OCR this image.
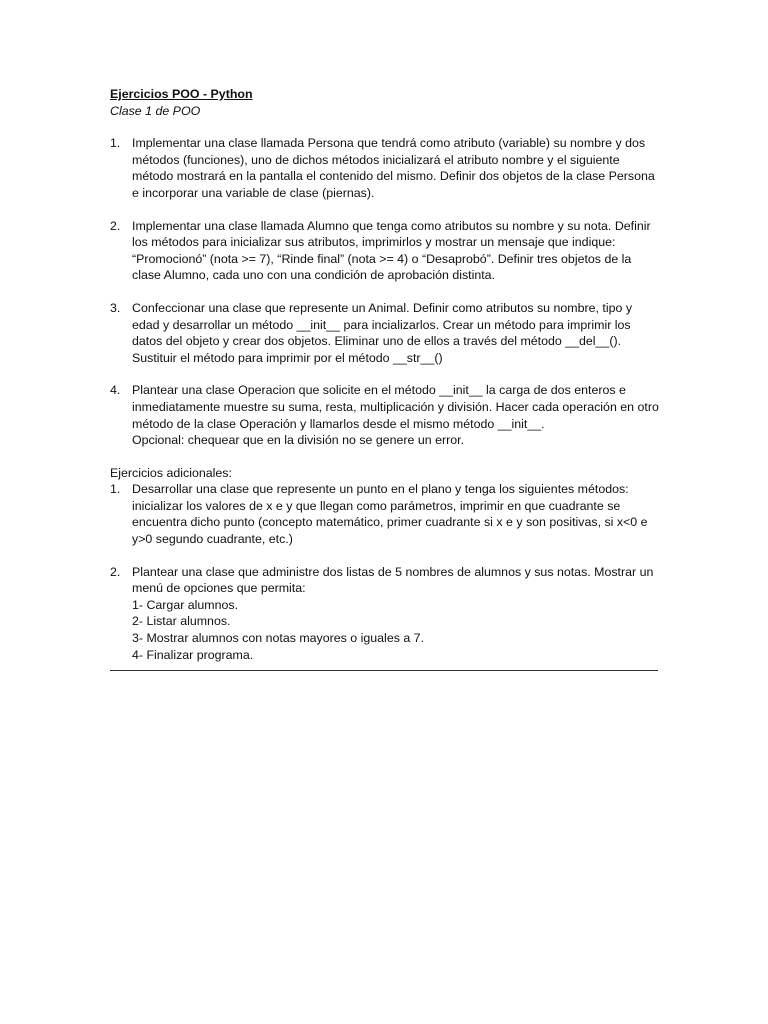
Ejercicios POO - Python

Clase 1 de POO

1. Implementar una clase llamada Persona que tendrá como atributo (variable) su nombre y dos métodos (funciones), uno de dichos métodos inicializará el atributo nombre y el siguiente método mostrará en la pantalla el contenido del mismo. Definir dos objetos de la clase Persona e incorporar una variable de clase (piernas).
2. Implementar una clase llamada Alumno que tenga como atributos su nombre y su nota. Definir los métodos para inicializar sus atributos, imprimirlos y mostrar un mensaje que indique: “Promocionó” (nota >= 7), “Rinde final” (nota >= 4) o “Desaprobó”. Definir tres objetos de la clase Alumno, cada uno con una condición de aprobación distinta.
3. Confeccionar una clase que represente un Animal. Definir como atributos su nombre, tipo y edad y desarrollar un método __init__ para incializarlos. Crear un método para imprimir los datos del objeto y crear dos objetos. Eliminar uno de ellos a través del método __del__(). Sustituir el método para imprimir por el método __str__()
4. Plantear una clase Operacion que solicite en el método __init__ la carga de dos enteros e inmediatamente muestre su suma, resta, multiplicación y división. Hacer cada operación en otro método de la clase Operación y llamarlos desde el mismo método __init__.
Opcional: chequear que en la división no se genere un error.

Ejercicios adicionales:

1. Desarrollar una clase que represente un punto en el plano y tenga los siguientes métodos: inicializar los valores de x e y que llegan como parámetros, imprimir en que cuadrante se encuentra dicho punto (concepto matemático, primer cuadrante si x e y son positivas, si x<0 e y>0 segundo cuadrante, etc.)
2. Plantear una clase que administre dos listas de 5 nombres de alumnos y sus notas. Mostrar un menú de opciones que permita:
1- Cargar alumnos.
2- Listar alumnos.
3- Mostrar alumnos con notas mayores o iguales a 7.
4- Finalizar programa.
